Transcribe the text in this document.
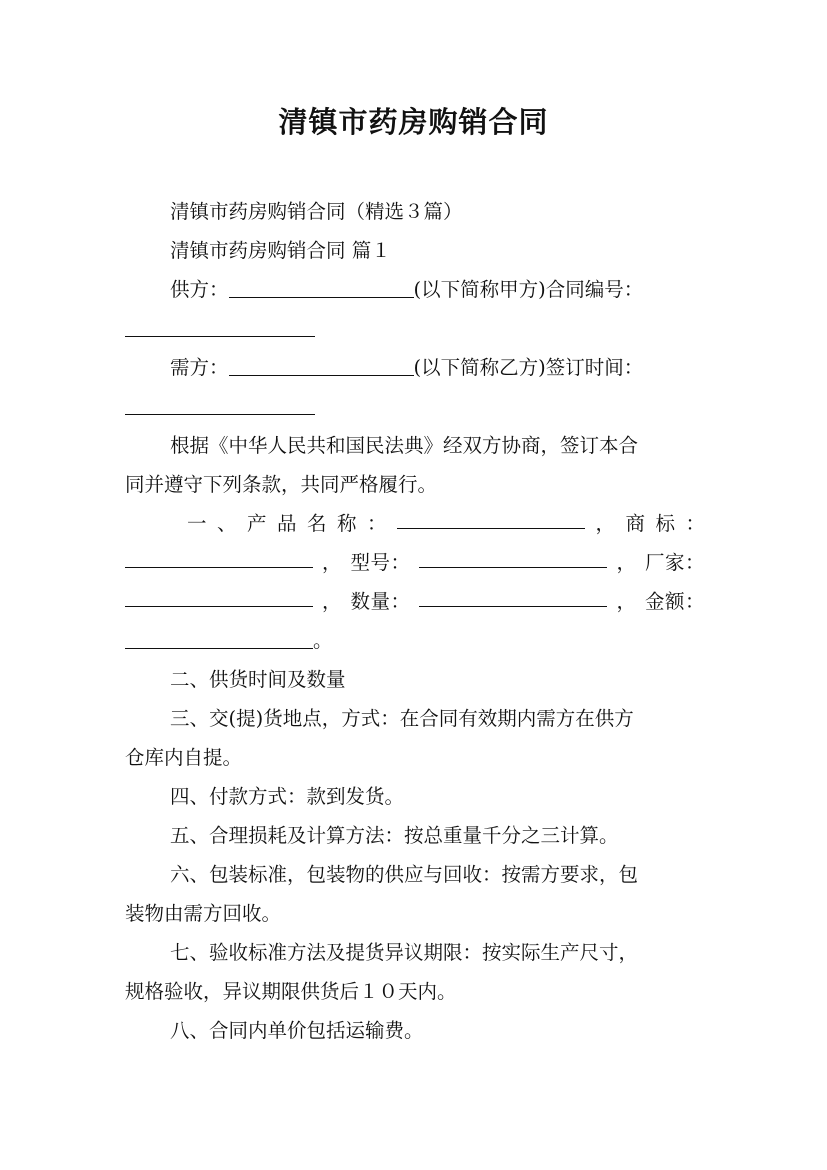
清镇市药房购销合同
清镇市药房购销合同（精选３篇）
清镇市药房购销合同 篇１
供方：	(以下简称甲方)合同编号：
需方：	(以下简称乙方)签订时间：
根据《中华人民共和国民法典》经双方协商，签订本合
同并遵守下列条款，共同严格履行。
一 、 产 品 名 称 ：	， 商 标 ：
， 型号：	， 厂家：
， 数量：	， 金额：
。
二、供货时间及数量
三、交(提)货地点，方式：在合同有效期内需方在供方
仓库内自提。
四、付款方式：款到发货。
五、合理损耗及计算方法：按总重量千分之三计算。
六、包装标准，包装物的供应与回收：按需方要求，包
装物由需方回收。
七、验收标准方法及提货异议期限：按实际生产尺寸，
规格验收，异议期限供货后１０天内。
八、合同内单价包括运输费。
